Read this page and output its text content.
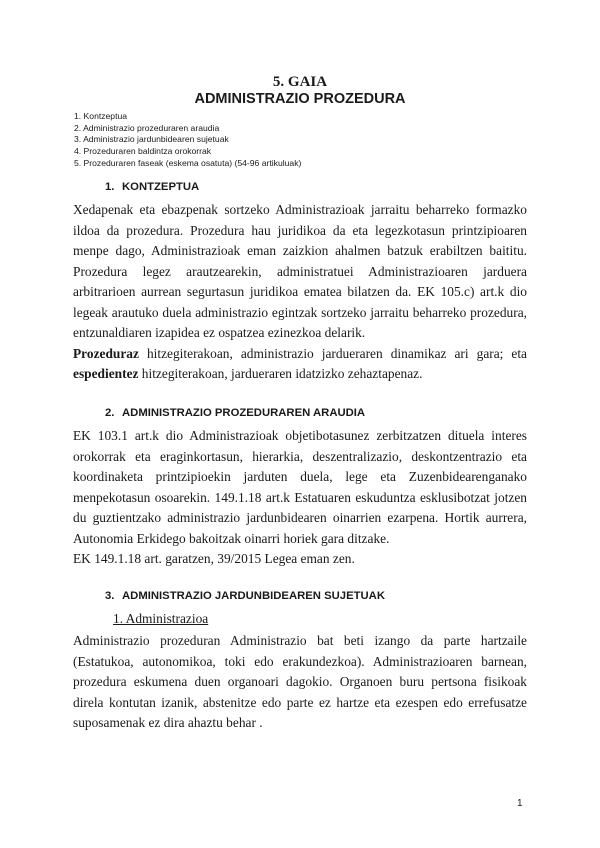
5. GAIA
ADMINISTRAZIO PROZEDURA
1. Kontzeptua
2. Administrazio prozeduraren araudia
3. Administrazio jardunbidearen sujetuak
4. Prozeduraren baldintza orokorrak
5. Prozeduraren faseak (eskema osatuta) (54-96 artikuluak)
1. KONTZEPTUA
Xedapenak eta ebazpenak sortzeko Administrazioak jarraitu beharreko formazko
ildoa da prozedura. Prozedura hau juridikoa da eta legezkotasun printzipioaren
menpe dago, Administrazioak eman zaizkion ahalmen batzuk erabiltzen baititu.
Prozedura legez arautzearekin, administratuei Administrazioaren jarduera
arbitrarioen aurrean segurtasun juridikoa ematea bilatzen da. EK 105.c) art.k dio
legeak arautuko duela administrazio egintzak sortzeko jarraitu beharreko prozedura,
entzunaldiaren izapidea ez ospatzea ezinezkoa delarik.
Prozeduraz hitzegiterakoan, administrazio jardueraren dinamikaz ari gara; eta
espedientez hitzegiterakoan, jardueraren idatzizko zehaztapenaz.
2. ADMINISTRAZIO PROZEDURAREN ARAUDIA
EK 103.1 art.k dio Administrazioak objetibotasunez zerbitzatzen dituela interes
orokorrak eta eraginkortasun, hierarkia, deszentralizazio, deskontzentrazio eta
koordinaketa printzipioekin jarduten duela, lege eta Zuzenbidearenganako
menpekotasun osoarekin. 149.1.18 art.k Estatuaren eskuduntza esklusibotzat jotzen
du guztientzako administrazio jardunbidearen oinarrien ezarpena. Hortik aurrera,
Autonomia Erkidego bakoitzak oinarri horiek gara ditzake.
EK 149.1.18 art. garatzen, 39/2015 Legea eman zen.
3. ADMINISTRAZIO JARDUNBIDEAREN SUJETUAK
1. Administrazioa
Administrazio prozeduran Administrazio bat beti izango da parte hartzaile
(Estatukoa, autonomikoa, toki edo erakundezkoa). Administrazioaren barnean,
prozedura eskumena duen organoari dagokio. Organoen buru pertsona fisikoak
direla kontutan izanik, abstenitze edo parte ez hartze eta ezespen edo errefusatze
suposamenak ez dira ahaztu behar .
1
